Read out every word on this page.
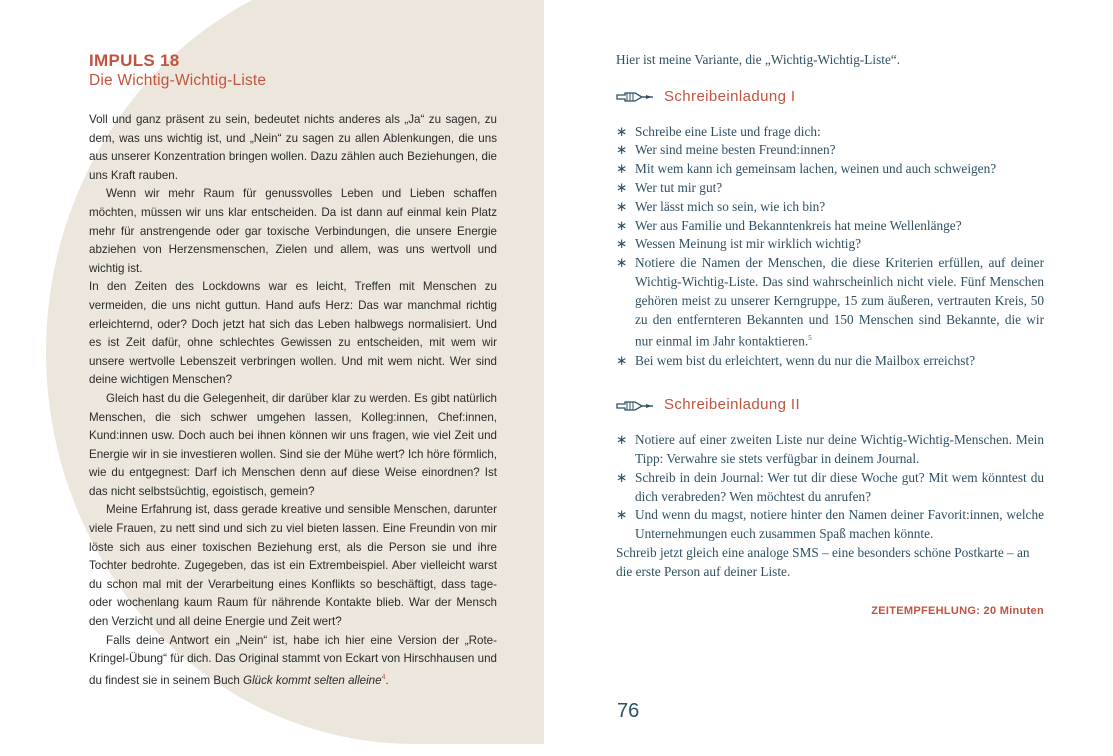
IMPULS 18
Die Wichtig-Wichtig-Liste

Voll und ganz präsent zu sein, bedeutet nichts anderes als „Ja“ zu sagen, zu dem, was uns wichtig ist, und „Nein“ zu sagen zu allen Ablenkungen, die uns aus unserer Konzentration bringen wollen. Dazu zählen auch Beziehungen, die uns Kraft rauben.

Wenn wir mehr Raum für genussvolles Leben und Lieben schaffen möchten, müssen wir uns klar entscheiden. Da ist dann auf einmal kein Platz mehr für anstrengende oder gar toxische Verbindungen, die unsere Energie abziehen von Herzensmenschen, Zielen und allem, was uns wertvoll und wichtig ist.

In den Zeiten des Lockdowns war es leicht, Treffen mit Menschen zu vermeiden, die uns nicht guttun. Hand aufs Herz: Das war manchmal richtig erleichternd, oder? Doch jetzt hat sich das Leben halbwegs normalisiert. Und es ist Zeit dafür, ohne schlechtes Gewissen zu entscheiden, mit wem wir unsere wertvolle Lebenszeit verbringen wollen. Und mit wem nicht. Wer sind deine wichtigen Menschen?

Gleich hast du die Gelegenheit, dir darüber klar zu werden. Es gibt natürlich Menschen, die sich schwer umgehen lassen, Kolleg:innen, Chef:innen, Kund:innen usw. Doch auch bei ihnen können wir uns fragen, wie viel Zeit und Energie wir in sie investieren wollen. Sind sie der Mühe wert? Ich höre förmlich, wie du entgegnest: Darf ich Menschen denn auf diese Weise einordnen? Ist das nicht selbstsüchtig, egoistisch, gemein?

Meine Erfahrung ist, dass gerade kreative und sensible Menschen, darunter viele Frauen, zu nett sind und sich zu viel bieten lassen. Eine Freundin von mir löste sich aus einer toxischen Beziehung erst, als die Person sie und ihre Tochter bedrohte. Zugegeben, das ist ein Extrembeispiel. Aber vielleicht warst du schon mal mit der Verarbeitung eines Konflikts so beschäftigt, dass tage- oder wochenlang kaum Raum für nährende Kontakte blieb. War der Mensch den Verzicht und all deine Energie und Zeit wert?

Falls deine Antwort ein „Nein“ ist, habe ich hier eine Version der „Rote-Kringel-Übung“ für dich. Das Original stammt von Eckart von Hirschhausen und du findest sie in seinem Buch Glück kommt selten alleine$^4$.

Hier ist meine Variante, die „Wichtig-Wichtig-Liste“.

Schreibeinladung I
∗ Schreibe eine Liste und frage dich:
∗ Wer sind meine besten Freund:innen?
∗ Mit wem kann ich gemeinsam lachen, weinen und auch schweigen?
∗ Wer tut mir gut?
∗ Wer lässt mich so sein, wie ich bin?
∗ Wer aus Familie und Bekanntenkreis hat meine Wellenlänge?
∗ Wessen Meinung ist mir wirklich wichtig?
∗ Notiere die Namen der Menschen, die diese Kriterien erfüllen, auf deiner Wichtig-Wichtig-Liste. Das sind wahrscheinlich nicht viele. Fünf Menschen gehören meist zu unserer Kerngruppe, 15 zum äußeren, vertrauten Kreis, 50 zu den entfernteren Bekannten und 150 Menschen sind Bekannte, die wir nur einmal im Jahr kontaktieren.$^5$
∗ Bei wem bist du erleichtert, wenn du nur die Mailbox erreichst?
Schreibeinladung II
∗ Notiere auf einer zweiten Liste nur deine Wichtig-Wichtig-Menschen. Mein Tipp: Verwahre sie stets verfügbar in deinem Journal.
∗ Schreib in dein Journal: Wer tut dir diese Woche gut? Mit wem könntest du dich verabreden? Wen möchtest du anrufen?
∗ Und wenn du magst, notiere hinter den Namen deiner Favorit:innen, welche Unternehmungen euch zusammen Spaß machen könnte.

Schreib jetzt gleich eine analoge SMS – eine besonders schöne Postkarte – an die erste Person auf deiner Liste.

ZEITEMPFEHLUNG: 20 Minuten
76
